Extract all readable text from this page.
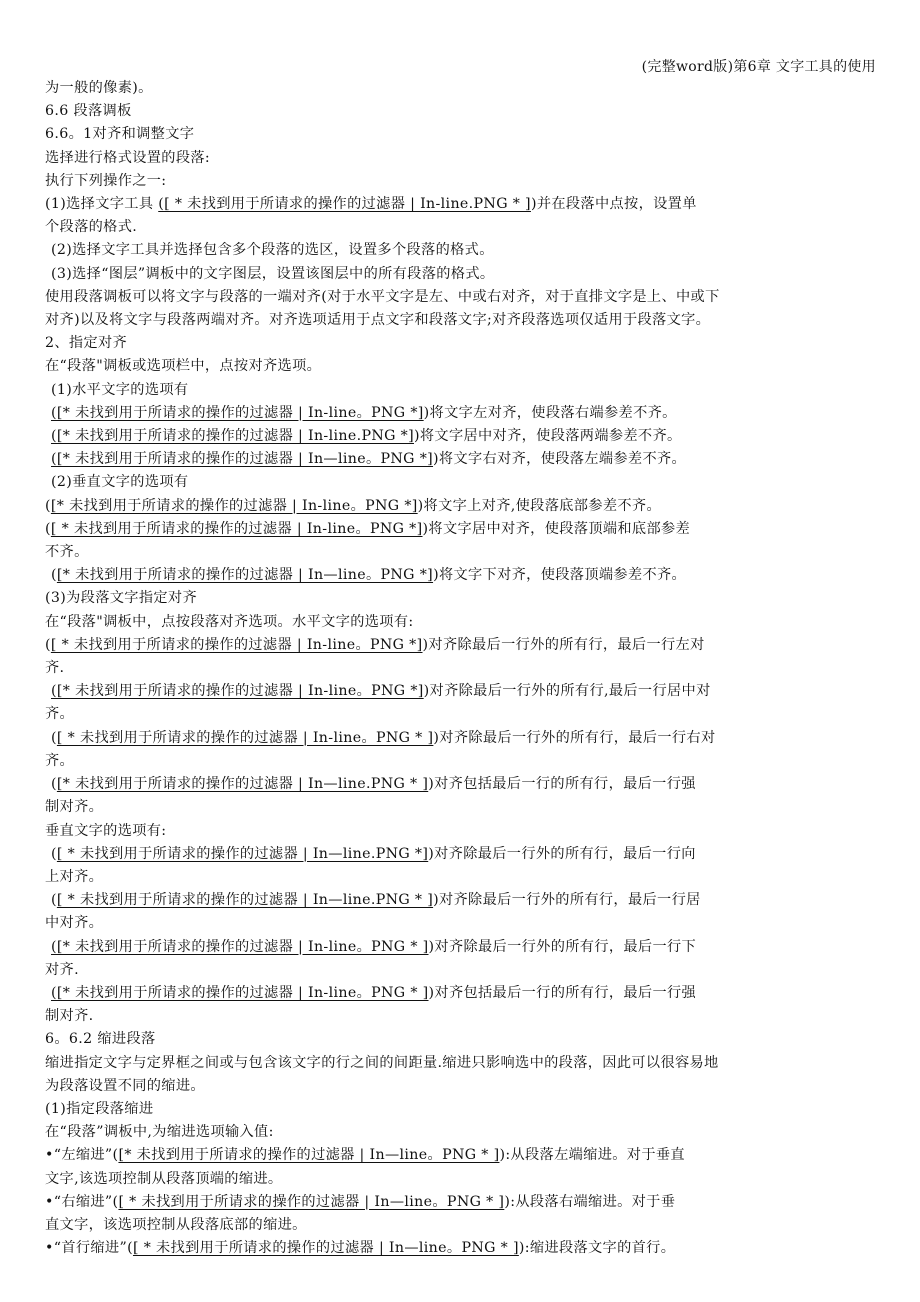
(完整word版)第6章 文字工具的使用
为一般的像素)。
6.6 段落调板
6.6。1对齐和调整文字
选择进行格式设置的段落:
执行下列操作之一:
(1)选择文字工具 ([ * 未找到用于所请求的操作的过滤器 | In-line.PNG * ])并在段落中点按，设置单
个段落的格式.
(2)选择文字工具并选择包含多个段落的选区，设置多个段落的格式。
(3)选择“图层”调板中的文字图层，设置该图层中的所有段落的格式。
使用段落调板可以将文字与段落的一端对齐(对于水平文字是左、中或右对齐，对于直排文字是上、中或下
对齐)以及将文字与段落两端对齐。对齐选项适用于点文字和段落文字;对齐段落选项仅适用于段落文字。
2、指定对齐
在“段落"调板或选项栏中，点按对齐选项。
(1)水平文字的选项有
([* 未找到用于所请求的操作的过滤器 | In-line。PNG *])将文字左对齐，使段落右端参差不齐。
([* 未找到用于所请求的操作的过滤器 | In-line.PNG *])将文字居中对齐，使段落两端参差不齐。
([* 未找到用于所请求的操作的过滤器 | In—line。PNG *])将文字右对齐，使段落左端参差不齐。
(2)垂直文字的选项有
([* 未找到用于所请求的操作的过滤器 | In-line。PNG *])将文字上对齐,使段落底部参差不齐。
([ * 未找到用于所请求的操作的过滤器 | In-line。PNG *])将文字居中对齐，使段落顶端和底部参差
不齐。
([* 未找到用于所请求的操作的过滤器 | In—line。PNG *])将文字下对齐，使段落顶端参差不齐。
(3)为段落文字指定对齐
在“段落"调板中，点按段落对齐选项。水平文字的选项有:
([ * 未找到用于所请求的操作的过滤器 | In-line。PNG *])对齐除最后一行外的所有行，最后一行左对
齐.
([* 未找到用于所请求的操作的过滤器 | In-line。PNG *])对齐除最后一行外的所有行,最后一行居中对
齐。
([ * 未找到用于所请求的操作的过滤器 | In-line。PNG * ])对齐除最后一行外的所有行，最后一行右对
齐。
([* 未找到用于所请求的操作的过滤器 | In—line.PNG * ])对齐包括最后一行的所有行，最后一行强
制对齐。
垂直文字的选项有:
([ * 未找到用于所请求的操作的过滤器 | In—line.PNG *])对齐除最后一行外的所有行，最后一行向
上对齐。
([ * 未找到用于所请求的操作的过滤器 | In—line.PNG * ])对齐除最后一行外的所有行，最后一行居
中对齐。
([* 未找到用于所请求的操作的过滤器 | In-line。PNG * ])对齐除最后一行外的所有行，最后一行下
对齐.
([* 未找到用于所请求的操作的过滤器 | In-line。PNG * ])对齐包括最后一行的所有行，最后一行强
制对齐.
6。6.2 缩进段落
缩进指定文字与定界框之间或与包含该文字的行之间的间距量.缩进只影响选中的段落，因此可以很容易地
为段落设置不同的缩进。
(1)指定段落缩进
在“段落”调板中,为缩进选项输入值:
•“左缩进”([* 未找到用于所请求的操作的过滤器 | In—line。PNG * ]):从段落左端缩进。对于垂直
文字,该选项控制从段落顶端的缩进。
•“右缩进”([ * 未找到用于所请求的操作的过滤器 | In—line。PNG * ]):从段落右端缩进。对于垂
直文字，该选项控制从段落底部的缩进。
•“首行缩进”([ * 未找到用于所请求的操作的过滤器 | In—line。PNG * ]):缩进段落文字的首行。
